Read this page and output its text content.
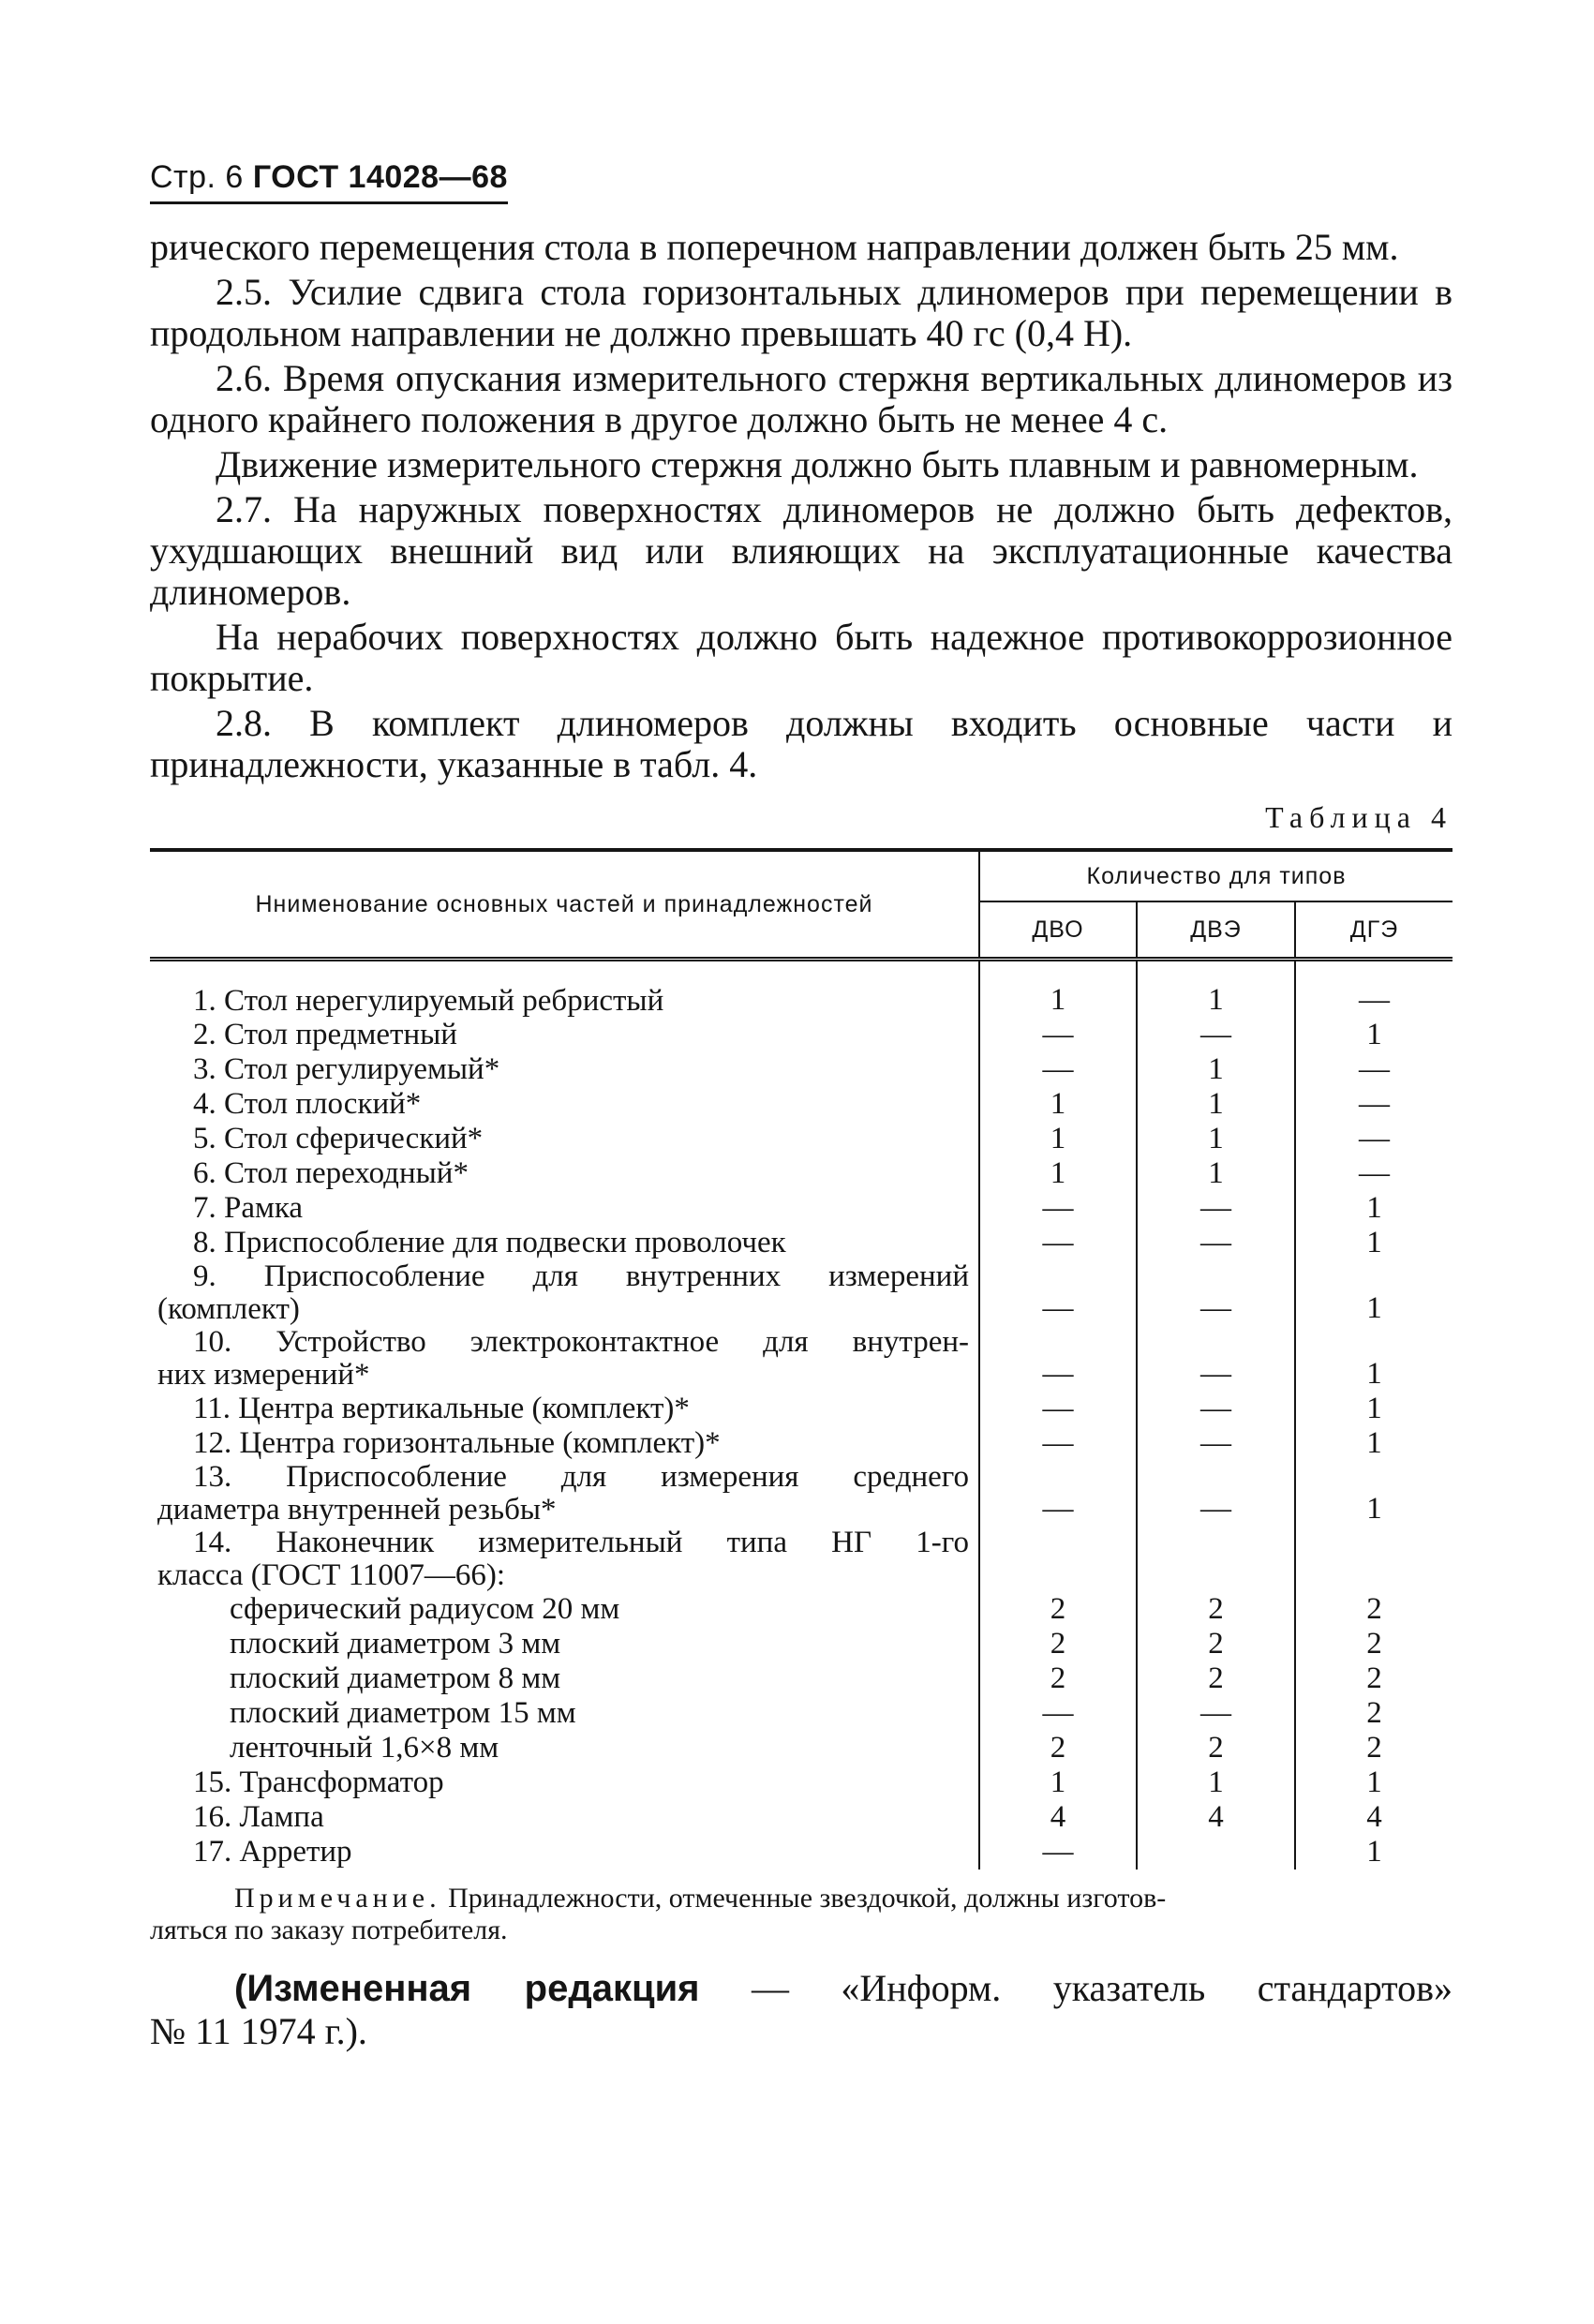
Стр. 6 ГОСТ 14028—68

рического перемещения стола в поперечном направлении должен быть 25 мм.

2.5. Усилие сдвига стола горизонтальных длиномеров при перемещении в продольном направлении не должно превышать 40 гс (0,4 Н).

2.6. Время опускания измерительного стержня вертикальных длиномеров из одного крайнего положения в другое должно быть не менее 4 с.

Движение измерительного стержня должно быть плавным и равномерным.

2.7. На наружных поверхностях длиномеров не должно быть дефектов, ухудшающих внешний вид или влияющих на эксплуатационные качества длиномеров.

На нерабочих поверхностях должно быть надежное противокоррозионное покрытие.

2.8. В комплект длиномеров должны входить основные части и принадлежности, указанные в табл. 4.

Таблица 4
Ннименование основных частей и принадлежностей	Количество для типов		
	ДВО	ДВЭ	ДГЭ

1. Стол нерегулируемый ребристый	1	1	—

2. Стол предметный	—	—	1

3. Стол регулируемый*	—	1	—

4. Стол плоский*	1	1	—

5. Стол сферический*	1	1	—

6. Стол переходный*	1	1	—

7. Рамка	—	—	1

8. Приспособление для подвески проволочек	—	—	1

9. Приспособление для внутренних измерений
(комплект)	—	—	1

10. Устройство электроконтактное для внутрен-
них измерений*	—	—	1

11. Центра вертикальные (комплект)*	—	—	1

12. Центра горизонтальные (комплект)*	—	—	1

13. Приспособление для измерения среднего
диаметра внутренней резьбы*	—	—	1

14. Наконечник измерительный типа НГ 1-го
класса (ГОСТ 11007—66):			

сферический радиусом 20 мм	2	2	2

плоский диаметром 3 мм	2	2	2

плоский диаметром 8 мм	2	2	2

плоский диаметром 15 мм	—	—	2

ленточный 1,6×8 мм	2	2	2

15. Трансформатор	1	1	1

16. Лампа	4	4	4

17. Арретир	—		1
Примечание. Принадлежности, отмеченные звездочкой, должны изготов-
ляться по заказу потребителя.
(Измененная редакция — «Информ. указатель стандартов»
№ 11 1974 г.).
